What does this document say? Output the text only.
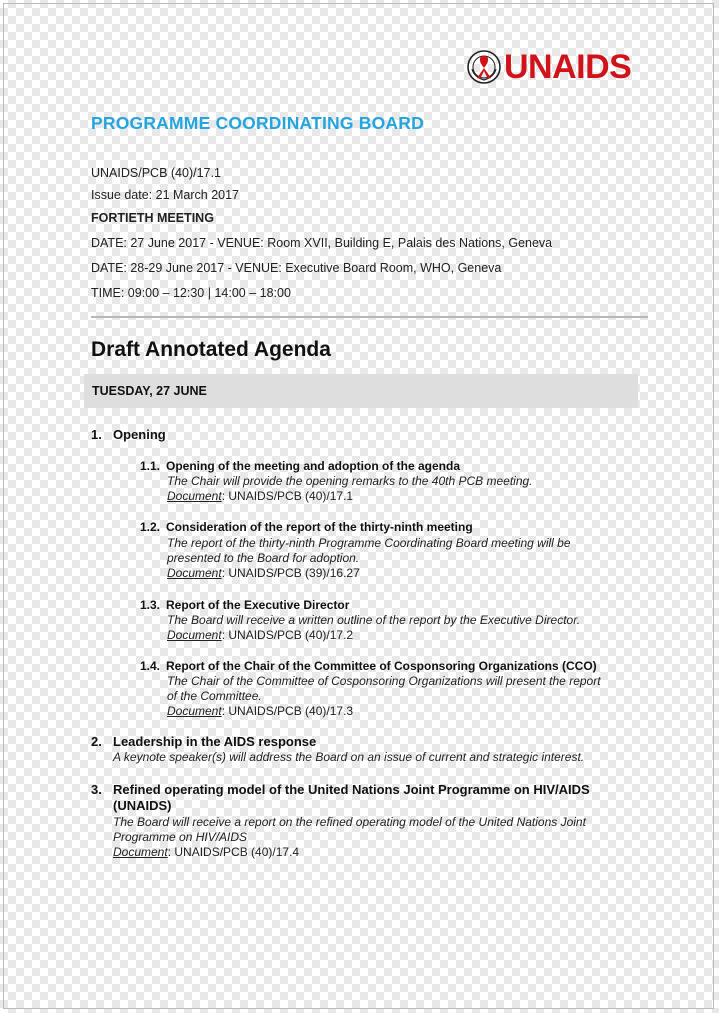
UNAIDS
PROGRAMME COORDINATING BOARD
UNAIDS/PCB (40)/17.1
Issue date: 21 March 2017
FORTIETH MEETING
DATE: 27 June 2017 - VENUE: Room XVII, Building E, Palais des Nations, Geneva
DATE: 28-29 June 2017 - VENUE: Executive Board Room, WHO, Geneva
TIME: 09:00 – 12:30 | 14:00 – 18:00
Draft Annotated Agenda
TUESDAY, 27 JUNE
1. Opening
1.1. Opening of the meeting and adoption of the agenda
The Chair will provide the opening remarks to the 40th PCB meeting.
Document: UNAIDS/PCB (40)/17.1
1.2. Consideration of the report of the thirty-ninth meeting
The report of the thirty-ninth Programme Coordinating Board meeting will be
presented to the Board for adoption.
Document: UNAIDS/PCB (39)/16.27
1.3. Report of the Executive Director
The Board will receive a written outline of the report by the Executive Director.
Document: UNAIDS/PCB (40)/17.2
1.4. Report of the Chair of the Committee of Cosponsoring Organizations (CCO)
The Chair of the Committee of Cosponsoring Organizations will present the report
of the Committee.
Document: UNAIDS/PCB (40)/17.3
2. Leadership in the AIDS response
A keynote speaker(s) will address the Board on an issue of current and strategic interest.
3. Refined operating model of the United Nations Joint Programme on HIV/AIDS
(UNAIDS)
The Board will receive a report on the refined operating model of the United Nations Joint
Programme on HIV/AIDS
Document: UNAIDS/PCB (40)/17.4
